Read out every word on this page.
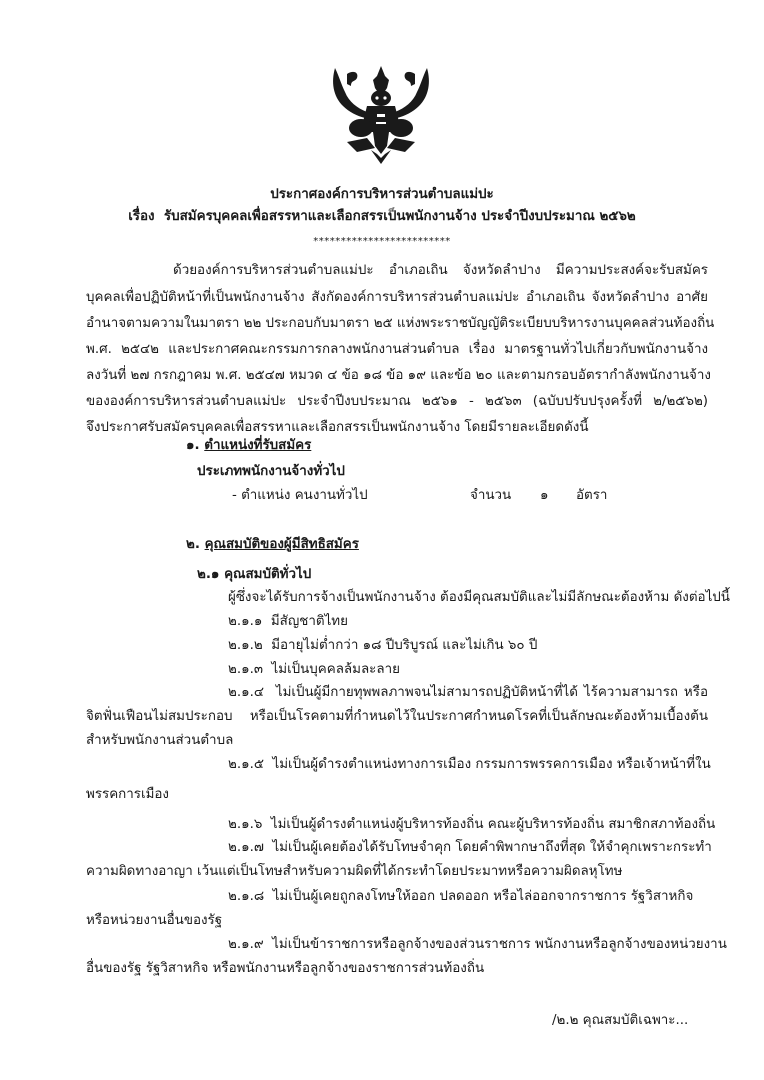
ประกาศองค์การบริหารส่วนตำบลแม่ปะ
เรื่อง รับสมัครบุคคลเพื่อสรรหาและเลือกสรรเป็นพนักงานจ้าง ประจำปีงบประมาณ ๒๕๖๒
*************************
ด้วยองค์การบริหารส่วนตำบลแม่ปะ อำเภอเถิน จังหวัดลำปาง มีความประสงค์จะรับสมัคร
บุคคลเพื่อปฏิบัติหน้าที่เป็นพนักงานจ้าง สังกัดองค์การบริหารส่วนตำบลแม่ปะ อำเภอเถิน จังหวัดลำปาง อาศัย
อำนาจตามความในมาตรา ๒๒ ประกอบกับมาตรา ๒๕ แห่งพระราชบัญญัติระเบียบบริหารงานบุคคลส่วนท้องถิ่น
พ.ศ. ๒๕๔๒ และประกาศคณะกรรมการกลางพนักงานส่วนตำบล เรื่อง มาตรฐานทั่วไปเกี่ยวกับพนักงานจ้าง
ลงวันที่ ๒๗ กรกฎาคม พ.ศ. ๒๕๔๗ หมวด ๔ ข้อ ๑๘ ข้อ ๑๙ และข้อ ๒๐ และตามกรอบอัตรากำลังพนักงานจ้าง
ขององค์การบริหารส่วนตำบลแม่ปะ ประจำปีงบประมาณ ๒๕๖๑ - ๒๕๖๓ (ฉบับปรับปรุงครั้งที่ ๒/๒๕๖๒)
จึงประกาศรับสมัครบุคคลเพื่อสรรหาและเลือกสรรเป็นพนักงานจ้าง โดยมีรายละเอียดดังนี้
๑. ตำแหน่งที่รับสมัคร
ประเภทพนักงานจ้างทั่วไป
- ตำแหน่ง คนงานทั่วไป	จำนวน ๑ อัตรา
๒. คุณสมบัติของผู้มีสิทธิสมัคร
๒.๑ คุณสมบัติทั่วไป
ผู้ซึ่งจะได้รับการจ้างเป็นพนักงานจ้าง ต้องมีคุณสมบัติและไม่มีลักษณะต้องห้าม ดังต่อไปนี้
๒.๑.๑ มีสัญชาติไทย
๒.๑.๒ มีอายุไม่ต่ำกว่า ๑๘ ปีบริบูรณ์ และไม่เกิน ๖๐ ปี
๒.๑.๓ ไม่เป็นบุคคลล้มละลาย
๒.๑.๔ ไม่เป็นผู้มีกายทุพพลภาพจนไม่สามารถปฏิบัติหน้าที่ได้ ไร้ความสามารถ หรือ
จิตฟั่นเฟือนไม่สมประกอบ หรือเป็นโรคตามที่กำหนดไว้ในประกาศกำหนดโรคที่เป็นลักษณะต้องห้ามเบื้องต้น
สำหรับพนักงานส่วนตำบล
๒.๑.๕ ไม่เป็นผู้ดำรงตำแหน่งทางการเมือง กรรมการพรรคการเมือง หรือเจ้าหน้าที่ใน
พรรคการเมือง
๒.๑.๖ ไม่เป็นผู้ดำรงตำแหน่งผู้บริหารท้องถิ่น คณะผู้บริหารท้องถิ่น สมาชิกสภาท้องถิ่น
๒.๑.๗ ไม่เป็นผู้เคยต้องได้รับโทษจำคุก โดยคำพิพากษาถึงที่สุด ให้จำคุกเพราะกระทำ
ความผิดทางอาญา เว้นแต่เป็นโทษสำหรับความผิดที่ได้กระทำโดยประมาทหรือความผิดลหุโทษ
๒.๑.๘ ไม่เป็นผู้เคยถูกลงโทษให้ออก ปลดออก หรือไล่ออกจากราชการ รัฐวิสาหกิจ
หรือหน่วยงานอื่นของรัฐ
๒.๑.๙ ไม่เป็นข้าราชการหรือลูกจ้างของส่วนราชการ พนักงานหรือลูกจ้างของหน่วยงาน
อื่นของรัฐ รัฐวิสาหกิจ หรือพนักงานหรือลูกจ้างของราชการส่วนท้องถิ่น
/๒.๒ คุณสมบัติเฉพาะ...
